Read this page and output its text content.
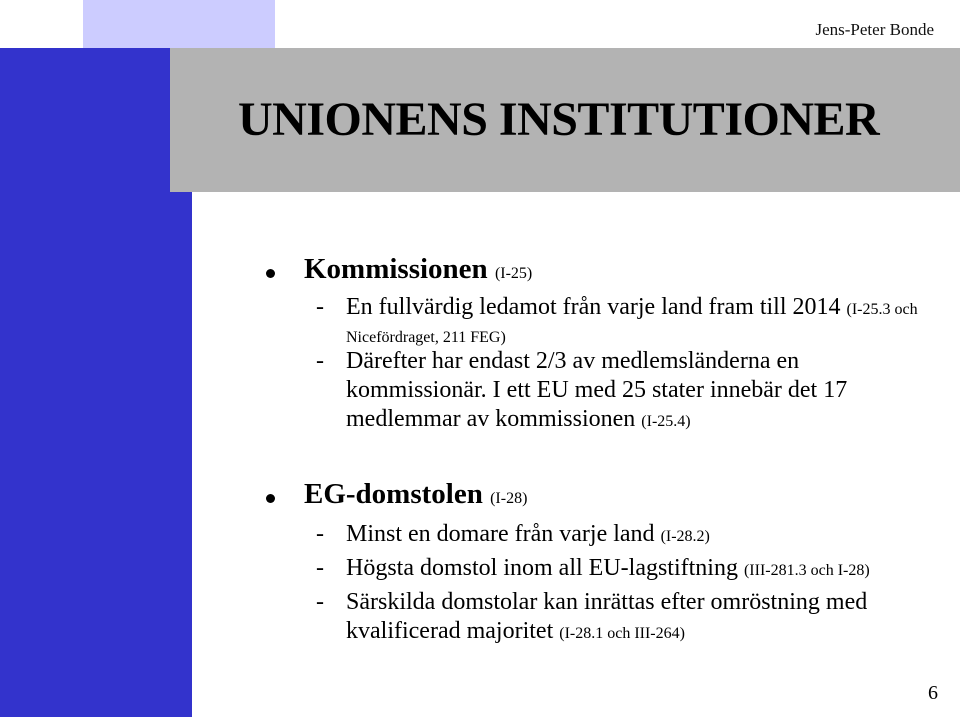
Jens-Peter Bonde
UNIONENS INSTITUTIONER
Kommissionen (I-25)
- En fullvärdig ledamot från varje land fram till 2014 (I-25.3 och
Nicefördraget, 211 FEG)
- Därefter har endast 2/3 av medlemsländerna en
kommissionär. I ett EU med 25 stater innebär det 17
medlemmar av kommissionen (I-25.4)
EG-domstolen (I-28)
- Minst en domare från varje land (I-28.2)
- Högsta domstol inom all EU-lagstiftning (III-281.3 och I-28)
- Särskilda domstolar kan inrättas efter omröstning med
kvalificerad majoritet (I-28.1 och III-264)
6
